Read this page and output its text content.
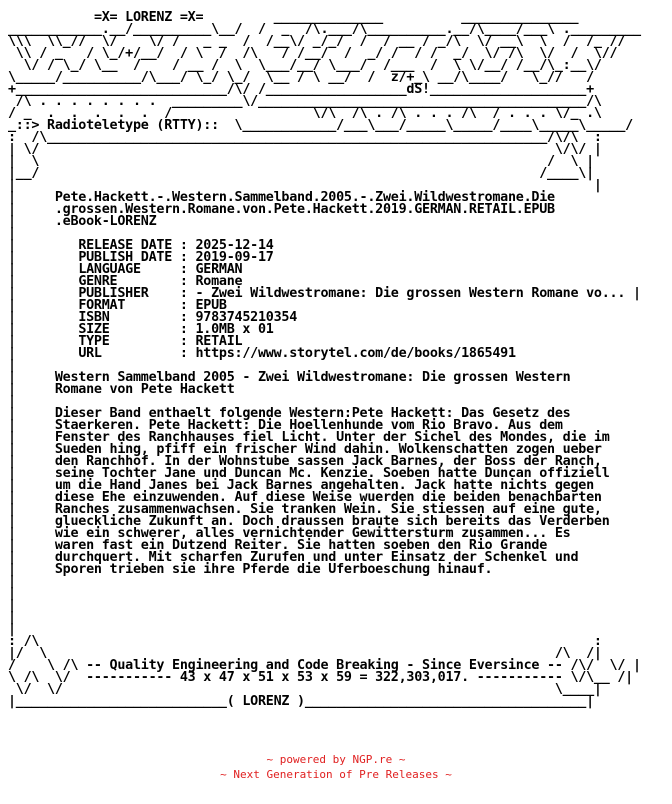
=X= LORENZ =X=	______________          _______________
____________.__/__________\__/  /  _  /\.___/\__________.__/\____/___\ ._________
\\\  \\_//  \/    \/ /   _ _  /  /__\/ _/_/  /  / __ / _/\  \/ __\  \  /  /_ //
\\ / _   / \_/+/__/  / \  /  /\   / /__/  /  _/ /  / /  _/  \/ /\  \/  /  \//
\/ / \_/ \__  /    / __ /  \  \___/__/ \___/  /___  /  \ \/__/ /__/\_:__\/
\_____/__________/\___/ \_/ \_/  \__ / \ __/  /  z/+_\ __/\____/   \_//   /
+___________________________/\/ /__________________dS!____________________+
/\ . . . . . . . .  _________\/__________________________________________/\
/ _  .  .  .  .  .  /                  \/\  /\ . /\ . . . /\  / . . . \/_ .\
_::> Radioteletype (RTTY)::  \____________/___\___/_____\_____/____\_____\_____/
:  /\________________________________________________________________/\/\  :
| \/                                                                  \/\/ |
|  \                                                                 /  \ |
|__/                                                                /____\|
|                                                                          |
|	Pete.Hackett.-.Western.Sammelband.2005.-.Zwei.Wildwestromane.Die
|	.grossen.Western.Romane.von.Pete.Hackett.2019.GERMAN.RETAIL.EPUB
|	.eBook-LORENZ
|
|	RELEASE DATE : 2025-12-14
|	PUBLISH DATE : 2019-09-17
|	LANGUAGE     : GERMAN
|	GENRE        : Romane
|	PUBLISHER    : - Zwei Wildwestromane: Die grossen Western Romane vo... |
|	FORMAT       : EPUB
|	ISBN         : 9783745210354
|	SIZE         : 1.0MB x 01
|	TYPE         : RETAIL
|	URL          : https://www.storytel.com/de/books/1865491
|
|	Western Sammelband 2005 - Zwei Wildwestromane: Die grossen Western
|	Romane von Pete Hackett
|
|	Dieser Band enthaelt folgende Western:Pete Hackett: Das Gesetz des
|	Staerkeren. Pete Hackett: Die Hoellenhunde vom Rio Bravo. Aus dem
|	Fenster des Ranchhauses fiel Licht. Unter der Sichel des Mondes, die im
|	Sueden hing, pfiff ein frischer Wind dahin. Wolkenschatten zogen ueber
|	den Ranchhof. In der Wohnstube sassen Jack Barnes, der Boss der Ranch,
|	seine Tochter Jane und Duncan Mc. Kenzie. Soeben hatte Duncan offiziell
|	um die Hand Janes bei Jack Barnes angehalten. Jack hatte nichts gegen
|	diese Ehe einzuwenden. Auf diese Weise wuerden die beiden benachbarten
|	Ranches zusammenwachsen. Sie tranken Wein. Sie stiessen auf eine gute,
|	glueckliche Zukunft an. Doch draussen braute sich bereits das Verderben
|	wie ein schwerer, alles vernichtender Gewittersturm zusammen... Es
|	waren fast ein Dutzend Reiter. Sie hatten soeben den Rio Grande
|	durchquert. Mit scharfen Zurufen und unter Einsatz der Schenkel und
|	Sporen trieben sie ihre Pferde die Uferboeschung hinauf.
|
|
|
|
|
: /\                                                                       :
|/  \                                                                 /\  /|
/    \ /\ -- Quality Engineering and Code Breaking - Since Eversince -- /\/  \/ |
\ /\  \/  ----------- 43 x 47 x 51 x 53 x 59 = 322,303,017. ----------- \/\__ /|
\/  \/                                                               \____|
|___________________________( LORENZ )____________________________________|
~ powered by NGP.re ~
~ Next Generation of Pre Releases ~
